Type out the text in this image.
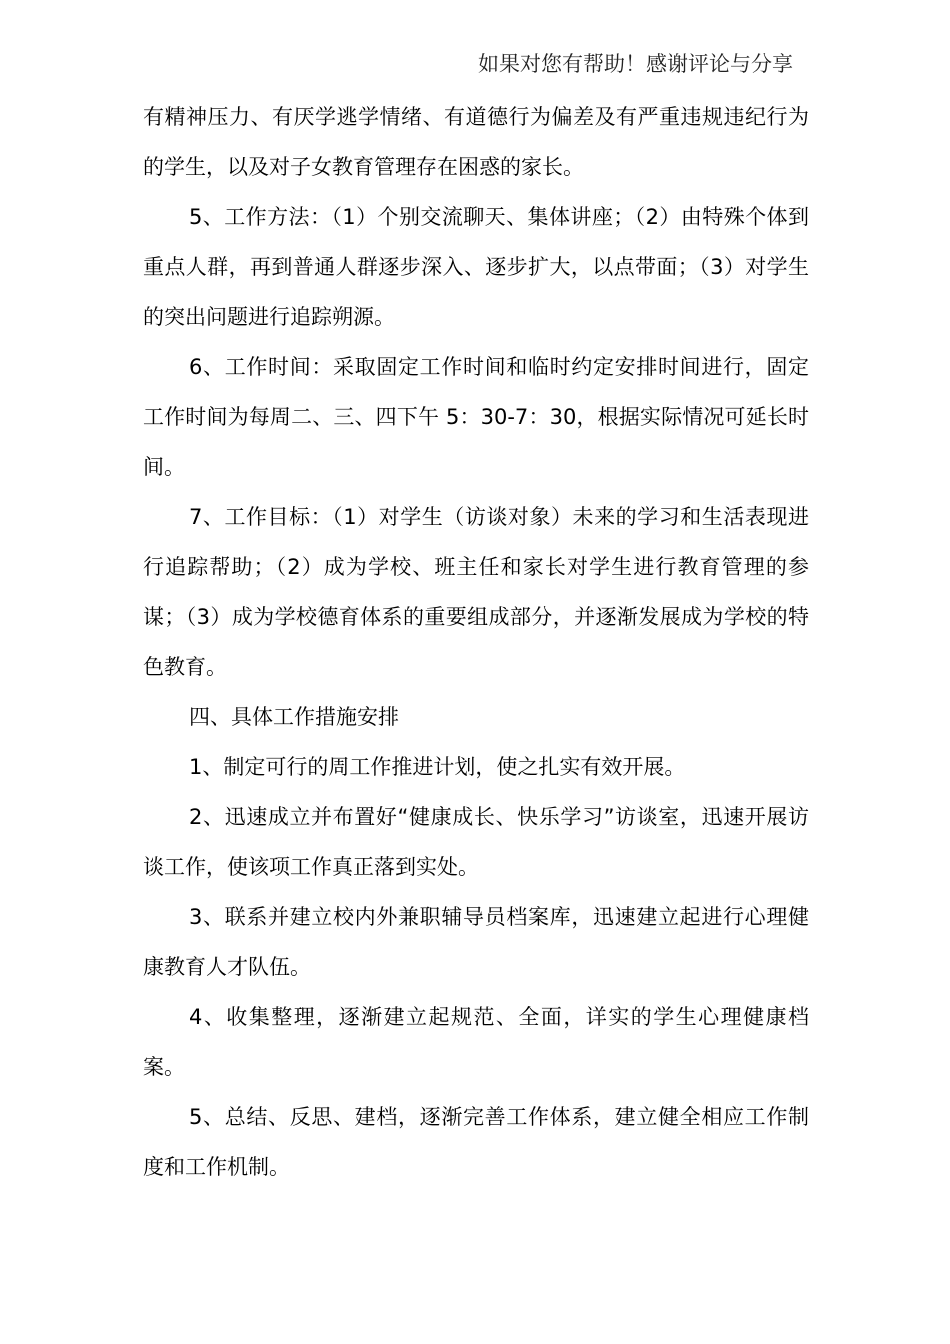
如果对您有帮助！感谢评论与分享

有精神压力、有厌学逃学情绪、有道德行为偏差及有严重违规违纪行为的学生，以及对子女教育管理存在困惑的家长。

5、工作方法：（1）个别交流聊天、集体讲座；（2）由特殊个体到重点人群，再到普通人群逐步深入、逐步扩大，以点带面；（3）对学生的突出问题进行追踪朔源。

6、工作时间：采取固定工作时间和临时约定安排时间进行，固定工作时间为每周二、三、四下午 5：30-7：30，根据实际情况可延长时间。

7、工作目标：（1）对学生（访谈对象）未来的学习和生活表现进行追踪帮助；（2）成为学校、班主任和家长对学生进行教育管理的参谋；（3）成为学校德育体系的重要组成部分，并逐渐发展成为学校的特色教育。

四、具体工作措施安排

1、制定可行的周工作推进计划，使之扎实有效开展。

2、迅速成立并布置好“健康成长、快乐学习”访谈室，迅速开展访谈工作，使该项工作真正落到实处。

3、联系并建立校内外兼职辅导员档案库，迅速建立起进行心理健康教育人才队伍。

4、收集整理，逐渐建立起规范、全面，详实的学生心理健康档案。

5、总结、反思、建档，逐渐完善工作体系，建立健全相应工作制度和工作机制。
